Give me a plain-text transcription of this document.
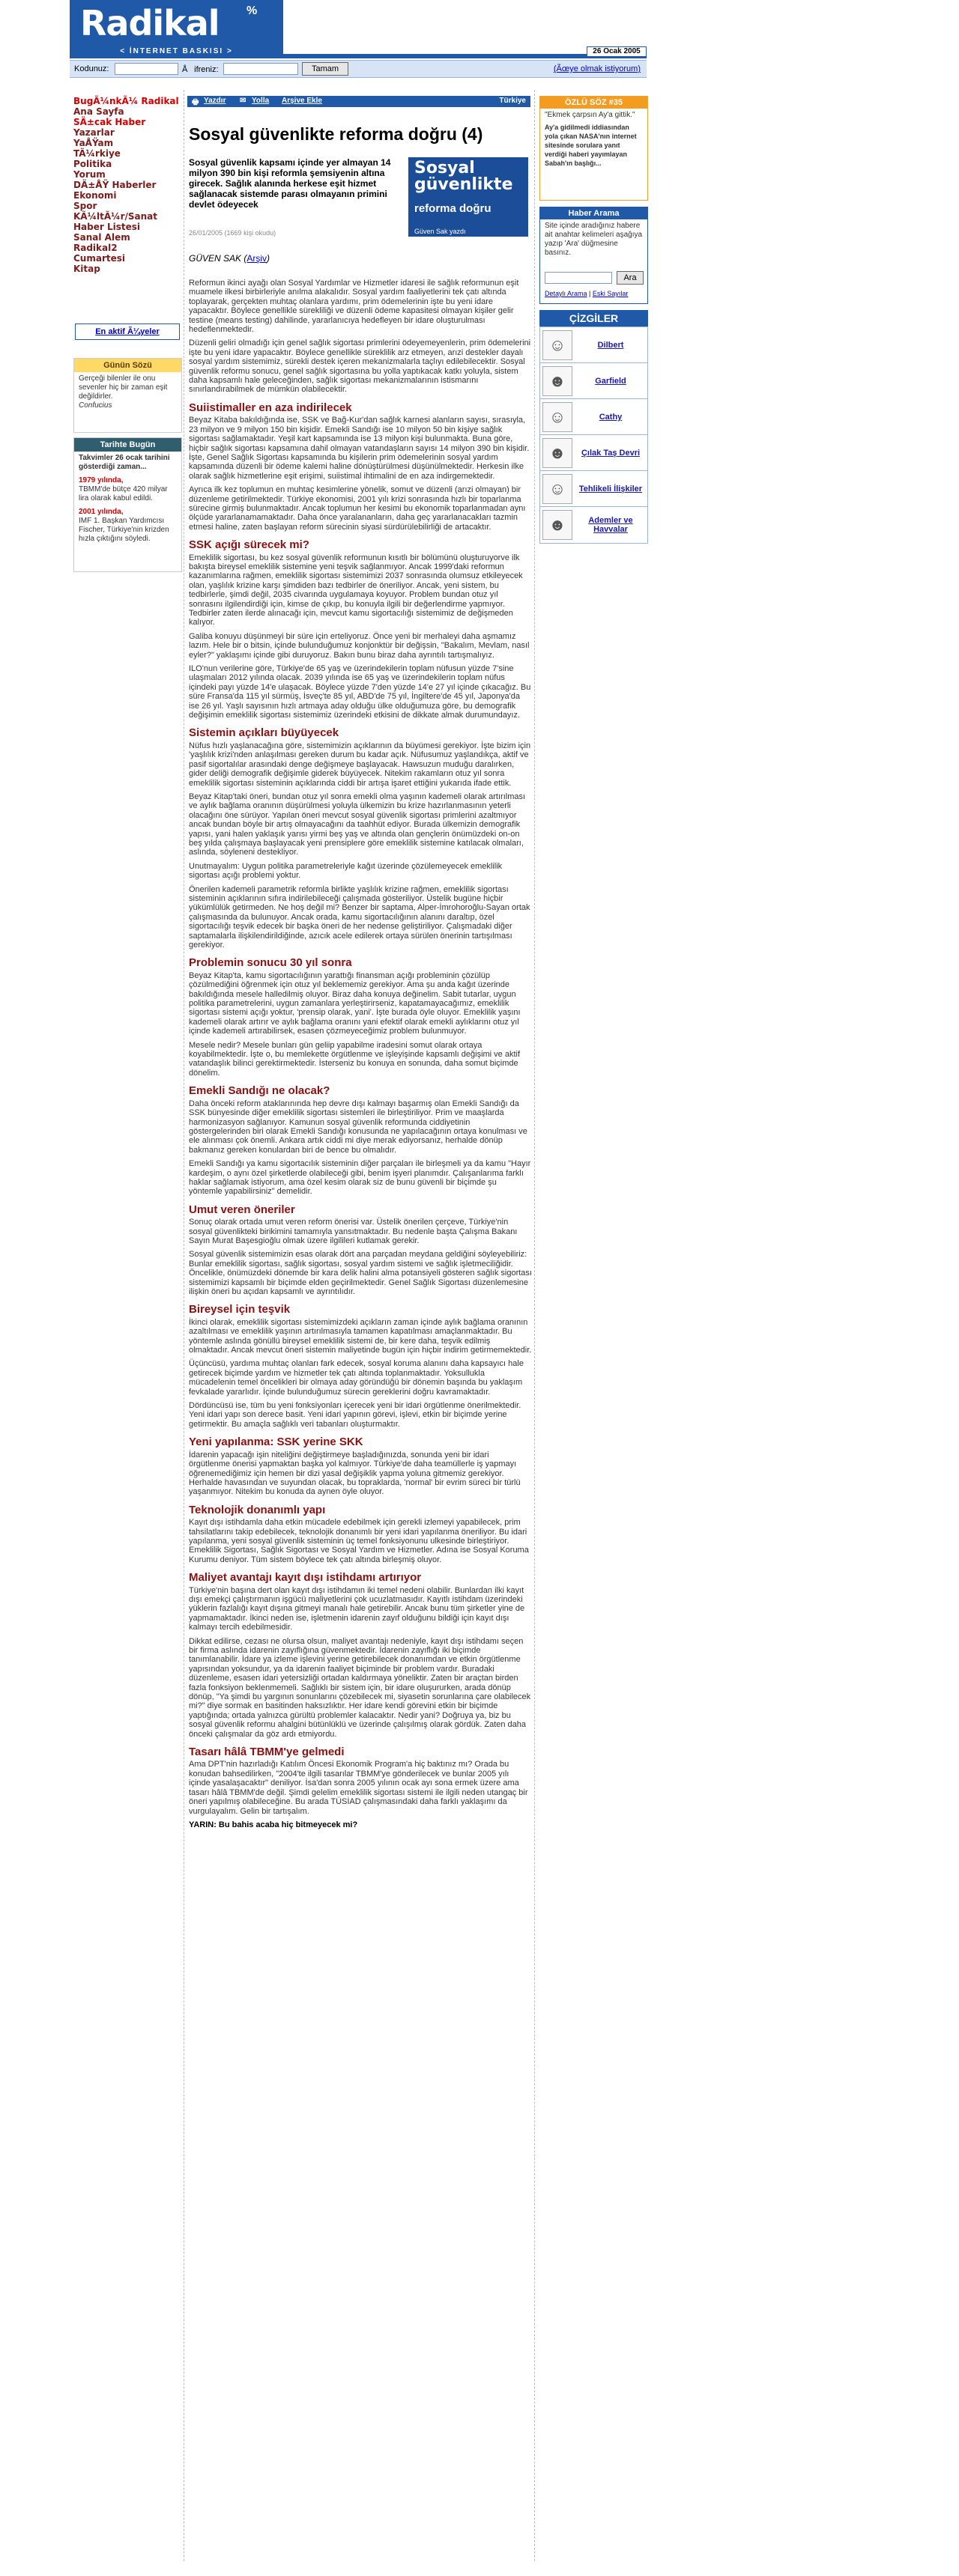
Radikal %
< İNTERNET BASKISI >	26 Ocak 2005
Kodunuz:	Åifreniz:	Tamam	(Ãœye olmak istiyorum)
BugÃ¼nkÃ¼ Radikal
Ana Sayfa
SÄ±cak Haber
Yazarlar
YaÅŸam
TÃ¼rkiye
Politika
Yorum
DÄ±ÅŸ Haberler
Ekonomi
Spor
KÃ¼ltÃ¼r/Sanat
Haber Listesi
Sanal Alem
Radikal2
Cumartesi
Kitap
En aktif Ã¼yeler
Günün Sözü
Gerçeği bilenler ile onu sevenler hiç bir zaman eşit değildirler.
Confucius
Tarihte Bugün
Takvimler 26 ocak tarihini gösterdiği zaman...
1979 yılında,
TBMM'de bütçe 420 milyar lira olarak kabul edildi.
2001 yılında,
IMF 1. Başkan Yardımcısı Fischer, Türkiye'nin krizden hızla çıktığını söyledi.
🖶 Yazdır ✉ Yolla Arşive Ekle	Türkiye
Sosyal güvenlikte reforma doğru (4)
Sosyal güvenlik kapsamı içinde yer almayan 14 milyon 390 bin kişi reformla şemsiyenin altına girecek. Sağlık alanında herkese eşit hizmet sağlanacak sistemde parası olmayanın primini devlet ödeyecek
Sosyal güvenlikte
reforma doğru
Güven Sak yazdı
26/01/2005 (1669 kişi okudu)
GÜVEN SAK (Arşiv)

Reformun ikinci ayağı olan Sosyal Yardımlar ve Hizmetler idaresi ile sağlık reformunun eşit muamele ilkesi birbirleriyle anılma alakalıdır. Sosyal yardım faaliyetlerini tek çatı altında toplayarak, gerçekten muhtaç olanlara yardımı, prim ödemelerinin işte bu yeni idare yapacaktır. Böylece genellikle sürekliliği ve düzenli ödeme kapasitesi olmayan kişiler gelir testine (means testing) dahilinde, yararlanıcıya hedefleyen bir idare oluşturulması hedeflenmektedir.

Düzenli geliri olmadığı için genel sağlık sigortası primlerini ödeyemeyenlerin, prim ödemelerini işte bu yeni idare yapacaktır. Böylece genellikle süreklilik arz etmeyen, arızi destekler dayalı sosyal yardım sistemimiz, sürekli destek içeren mekanizmalarla taçlıyı edilebilecektir. Sosyal güvenlik reformu sonucu, genel sağlık sigortasına bu yolla yaptıkacak katkı yoluyla, sistem daha kapsamlı hale geleceğinden, sağlık sigortası mekanizmalarının istismarını sınırlandırabilmek de mümkün olabilecektir.

Suiistimaller en aza indirilecek

Beyaz Kitaba bakıldığında ise, SSK ve Bağ-Kur'dan sağlık karnesi alanların sayısı, sırasıyla, 23 milyon ve 9 milyon 150 bin kişidir. Emekli Sandığı ise 10 milyon 50 bin kişiye sağlık sigortası sağlamaktadır. Yeşil kart kapsamında ise 13 milyon kişi bulunmakta. Buna göre, hiçbir sağlık sigortası kapsamına dahil olmayan vatandaşların sayısı 14 milyon 390 bin kişidir. İşte, Genel Sağlık Sigortası kapsamında bu kişilerin prim ödemelerinin sosyal yardım kapsamında düzenli bir ödeme kalemi haline dönüştürülmesi düşünülmektedir. Herkesin ilke olarak sağlık hizmetlerine eşit erişimi, suiistimal ihtimalini de en aza indirgemektedir.

Ayrıca ilk kez toplumun en muhtaç kesimlerine yönelik, somut ve düzenli (arızi olmayan) bir düzenleme getirilmektedir. Türkiye ekonomisi, 2001 yılı krizi sonrasında hızlı bir toparlanma sürecine girmiş bulunmaktadır. Ancak toplumun her kesimi bu ekonomik toparlanmadan aynı ölçüde yararlanamamaktadır. Daha önce yaralananların, daha geç yararlanacakları tazmin etmesi haline, zaten başlayan reform sürecinin siyasi sürdürülebilirliği de artacaktır.

SSK açığı sürecek mi?

Emeklilik sigortası, bu kez sosyal güvenlik reformunun kısıtlı bir bölümünü oluşturuyorve ilk bakışta bireysel emeklilik sistemine yeni teşvik sağlanmıyor. Ancak 1999'daki reformun kazanımlarına rağmen, emeklilik sigortası sistemimizi 2037 sonrasında olumsuz etkileyecek olan, yaşlılık krizine karşı şimdiden bazı tedbirler de öneriliyor. Ancak, yeni sistem, bu tedbirlerle, şimdi değil, 2035 civarında uygulamaya koyuyor. Problem bundan otuz yıl sonrasını ilgilendirdiği için, kimse de çıkıp, bu konuyla ilgili bir değerlendirme yapmıyor. Tedbirler zaten ilerde alınacağı için, mevcut kamu sigortacılığı sistemimiz de değişmeden kalıyor.

Galiba konuyu düşünmeyi bir süre için erteliyoruz. Önce yeni bir merhaleyi daha aşmamız lazım. Hele bir o bitsin, içinde bulunduğumuz konjonktür bir değişsin, "Bakalım, Mevlam, nasıl eyler?" yaklaşımı içinde gibi duruyoruz. Bakın bunu biraz daha ayrıntılı tartışmalıyız.

ILO'nun verilerine göre, Türkiye'de 65 yaş ve üzerindekilerin toplam nüfusun yüzde 7'sine ulaşmaları 2012 yılında olacak. 2039 yılında ise 65 yaş ve üzerindekilerin toplam nüfus içindeki payı yüzde 14'e ulaşacak. Böylece yüzde 7'den yüzde 14'e 27 yıl içinde çıkacağız. Bu süre Fransa'da 115 yıl sürmüş, İsveç'te 85 yıl, ABD'de 75 yıl, İngiltere'de 45 yıl, Japonya'da ise 26 yıl. Yaşlı sayısının hızlı artmaya aday olduğu ülke olduğumuza göre, bu demografik değişimin emeklilik sigortası sistemimiz üzerindeki etkisini de dikkate almak durumundayız.

Sistemin açıkları büyüyecek

Nüfus hızlı yaşlanacağına göre, sistemimizin açıklarının da büyümesi gerekiyor. İşte bizim için 'yaşlılık krizi'nden anlaşılması gereken durum bu kadar açık. Nüfusumuz yaşlandıkça, aktif ve pasif sigortalılar arasındaki denge değişmeye başlayacak. Hawsuzun muduğu daralırken, gider deliği demografik değişimle giderek büyüyecek. Nitekim rakamların otuz yıl sonra emeklilik sigortası sisteminin açıklarında ciddi bir artışa işaret ettiğini yukarıda ifade ettik.

Beyaz Kitap'taki öneri, bundan otuz yıl sonra emekli olma yaşının kademeli olarak artırılması ve aylık bağlama oranının düşürülmesi yoluyla ülkemizin bu krize hazırlanmasının yeterli olacağını öne sürüyor. Yapılan öneri mevcut sosyal güvenlik sigortası primlerini azaltmıyor ancak bundan böyle bir artış olmayacağını da taahhüt ediyor. Burada ülkemizin demografik yapısı, yani halen yaklaşık yarısı yirmi beş yaş ve altında olan gençlerin önümüzdeki on-on beş yılda çalışmaya başlayacak yeni prensiplere göre emeklilik sistemine katılacak olmaları, aslında, söyleneni destekliyor.

Unutmayalım: Uygun politika parametreleriyle kağıt üzerinde çözülemeyecek emeklilik sigortası açığı problemi yoktur.

Önerilen kademeli parametrik reformla birlikte yaşlılık krizine rağmen, emeklilik sigortası sisteminin açıklarının sıfıra indirilebileceği çalışmada gösteriliyor. Üstelik bugüne hiçbir yükümlülük getirmeden. Ne hoş değil mi? Benzer bir saptama, Alper-İmrohoroğlu-Sayan ortak çalışmasında da bulunuyor. Ancak orada, kamu sigortacılığının alanını daraltıp, özel sigortacılığı teşvik edecek bir başka öneri de her nedense geliştiriliyor. Çalışmadaki diğer saptamalarla ilişkilendirildiğinde, azıcık acele edilerek ortaya sürülen önerinin tartışılması gerekiyor.

Problemin sonucu 30 yıl sonra

Beyaz Kitap'ta, kamu sigortacılığının yarattığı finansman açığı probleminin çözülüp çözülmediğini öğrenmek için otuz yıl beklememiz gerekiyor. Ama şu anda kağıt üzerinde bakıldığında mesele halledilmiş oluyor. Biraz daha konuya değinelim. Sabit tutarlar, uygun politika parametrelerini, uygun zamanlara yerleştirirseniz, kapatamayacağımız, emeklilik sigortası sistemi açığı yoktur, 'prensip olarak, yani'. İşte burada öyle oluyor. Emeklilik yaşını kademeli olarak artırır ve aylık bağlama oranını yani efektif olarak emekli aylıklarını otuz yıl içinde kademeli artırabilirsek, esasen çözmeyeceğimiz problem bulunmuyor.

Mesele nedir? Mesele bunları gün geliip yapabilme iradesini somut olarak ortaya koyabilmektedir. İşte o, bu memlekette örgütlenme ve işleyişinde kapsamlı değişimi ve aktif vatandaşlık bilinci gerektirmektedir. İsterseniz bu konuya en sonunda, daha somut biçimde dönelim.

Emekli Sandığı ne olacak?

Daha önceki reform ataklarınında hep devre dışı kalmayı başarmış olan Emekli Sandığı da SSK bünyesinde diğer emeklilik sigortası sistemleri ile birleştiriliyor. Prim ve maaşlarda harmonizasyon sağlanıyor. Kamunun sosyal güvenlik reformunda ciddiyetinin göstergelerinden biri olarak Emekli Sandığı konusunda ne yapılacağının ortaya konulması ve ele alınması çok önemli. Ankara artık ciddi mi diye merak ediyorsanız, herhalde dönüp bakmanız gereken konulardan biri de bence bu olmalıdır.

Emekli Sandığı ya kamu sigortacılık sisteminin diğer parçaları ile birleşmeli ya da kamu "Hayır kardeşim, o aynı özel şirketlerde olabileceği gibi, benim işyeri planımdır. Çalışanlarıma farklı haklar sağlamak istiyorum, ama özel kesim olarak siz de bunu güvenli bir biçimde şu yöntemle yapabilirsiniz" demelidir.

Umut veren öneriler

Sonuç olarak ortada umut veren reform önerisi var. Üstelik önerilen çerçeve, Türkiye'nin sosyal güvenlikteki birikimini tamamıyla yansıtmaktadır. Bu nedenle başta Çalışma Bakanı Sayın Murat Başesgioğlu olmak üzere ilgilileri kutlamak gerekir.

Sosyal güvenlik sistemimizin esas olarak dört ana parçadan meydana geldiğini söyleyebiliriz: Bunlar emeklilik sigortası, sağlık sigortası, sosyal yardım sistemi ve sağlık işletmeciliğidir. Öncelikle, önümüzdeki dönemde bir kara delik halini alma potansiyeli gösteren sağlık sigortası sistemimizi kapsamlı bir biçimde elden geçirilmektedir. Genel Sağlık Sigortası düzenlemesine ilişkin öneri bu açıdan kapsamlı ve ayrıntılıdır.

Bireysel için teşvik

İkinci olarak, emeklilik sigortası sistemimizdeki açıkların zaman içinde aylık bağlama oranının azaltılması ve emeklilik yaşının artırılmasıyla tamamen kapatılması amaçlanmaktadır. Bu yöntemle aslında gönüllü bireysel emeklilik sistemi de, bir kere daha, teşvik edilmiş olmaktadır. Ancak mevcut öneri sistemin maliyetinde bugün için hiçbir indirim getirmemektedir.

Üçüncüsü, yardıma muhtaç olanları fark edecek, sosyal koruma alanını daha kapsayıcı hale getirecek biçimde yardım ve hizmetler tek çatı altında toplanmaktadır. Yoksullukla mücadelenin temel öncelikleri bir olmaya aday göründüğü bir dönemin başında bu yaklaşım fevkalade yararlıdır. İçinde bulunduğumuz sürecin gereklerini doğru kavramaktadır.

Dördüncüsü ise, tüm bu yeni fonksiyonları içerecek yeni bir idari örgütlenme önerilmektedir. Yeni idari yapı son derece basit. Yeni idari yapının görevi, işlevi, etkin bir biçimde yerine getirmektir. Bu amaçla sağlıklı veri tabanları oluşturmaktır.

Yeni yapılanma: SSK yerine SKK

İdarenin yapacağı işin niteliğini değiştirmeye başladığınızda, sonunda yeni bir idari örgütlenme önerisi yapmaktan başka yol kalmıyor. Türkiye'de daha teamüllerle iş yapmayı öğrenemediğimiz için hemen bir dizi yasal değişiklik yapma yoluna gitmemiz gerekiyor. Herhalde havasından ve suyundan olacak, bu topraklarda, 'normal' bir evrim süreci bir türlü yaşanmıyor. Nitekim bu konuda da aynen öyle oluyor.

Teknolojik donanımlı yapı

Kayıt dışı istihdamla daha etkin mücadele edebilmek için gerekli izlemeyi yapabilecek, prim tahsilatlarını takip edebilecek, teknolojik donanımlı bir yeni idari yapılanma öneriliyor. Bu idari yapılanma, yeni sosyal güvenlik sisteminin üç temel fonksiyonunu ulkesinde birleştiriyor. Emeklilik Sigortası, Sağlık Sigortası ve Sosyal Yardım ve Hizmetler. Adına ise Sosyal Koruma Kurumu deniyor. Tüm sistem böylece tek çatı altında birleşmiş oluyor.

Maliyet avantajı kayıt dışı istihdamı artırıyor

Türkiye'nin başına dert olan kayıt dışı istihdamın iki temel nedeni olabilir. Bunlardan ilki kayıt dışı emekçi çalıştırmanın işgücü maliyetlerini çok ucuzlatmasıdır. Kayıtlı istihdam üzerindeki yüklerin fazlalığı kayıt dışına gitmeyi manalı hale getirebilir. Ancak bunu tüm şirketler yine de yapmamaktadır. İkinci neden ise, işletmenin idarenin zayıf olduğunu bildiği için kayıt dışı kalmayı tercih edebilmesidir.

Dikkat edilirse, cezası ne olursa olsun, maliyet avantajı nedeniyle, kayıt dışı istihdamı seçen bir firma aslında idarenin zayıflığına güvenmektedir. İdarenin zayıflığı iki biçimde tanımlanabilir. İdare ya izleme işlevini yerine getirebilecek donanımdan ve etkin örgütlenme yapısından yoksundur, ya da idarenin faaliyet biçiminde bir problem vardır. Buradaki düzenleme, esasen idari yetersizliği ortadan kaldırmaya yöneliktir. Zaten bir araçtan birden fazla fonksiyon beklenmemeli. Sağlıklı bir sistem için, bir idare oluşururken, arada dönüp dönüp, "Ya şimdi bu yargının sonunlarını çözebilecek mi, siyasetin sorunlarına çare olabilecek mi?" diye sormak en basitinden haksızlıktır. Her idare kendi görevini etkin bir biçimde yaptığında; ortada yalnızca gürültü problemler kalacaktır. Nedir yani? Doğruya ya, biz bu sosyal güvenlik reformu ahalgini bütünlüklü ve üzerinde çalışılmış olarak gördük. Zaten daha önceki çalışmalar da göz ardı etmiyordu.

Tasarı hâlâ TBMM'ye gelmedi

Ama DPT'nin hazırladığı Katılım Öncesi Ekonomik Program'a hiç baktınız mı? Orada bu konudan bahsedilirken, "2004'te ilgili tasarılar TBMM'ye gönderilecek ve bunlar 2005 yılı içinde yasalaşacaktır" deniliyor. İsa'dan sonra 2005 yılının ocak ayı sona ermek üzere ama tasarı hâlâ TBMM'de değil. Şimdi gelelim emeklilik sigortası sistemi ile ilgili neden utangaç bir öneri yapılmış olabileceğine. Bu arada TÜSİAD çalışmasındaki daha farklı yaklaşımı da vurgulayalım. Gelin bir tartışalım.

YARIN: Bu bahis acaba hiç bitmeyecek mi?

ÖZLÜ SÖZ #35
"Ekmek çarpsın Ay'a gittik."
Ay'a gidilmedi iddiasından yola çıkan NASA'nın internet sitesinde sorulara yanıt verdiği haberi yayımlayan Sabah'ın başlığı...
Haber Arama
Site içinde aradığınız habere ait anahtar kelimeleri aşağıya yazıp 'Ara' düğmesine basınız.
Ara
Detaylı Arama | Eski Sayılar
ÇİZGİLER
☺	Dilbert
☻	Garfield
☺	Cathy
☻	Çılak Taş Devri
☺	Tehlikeli İlişkiler
☻	Ademler ve Havvalar
